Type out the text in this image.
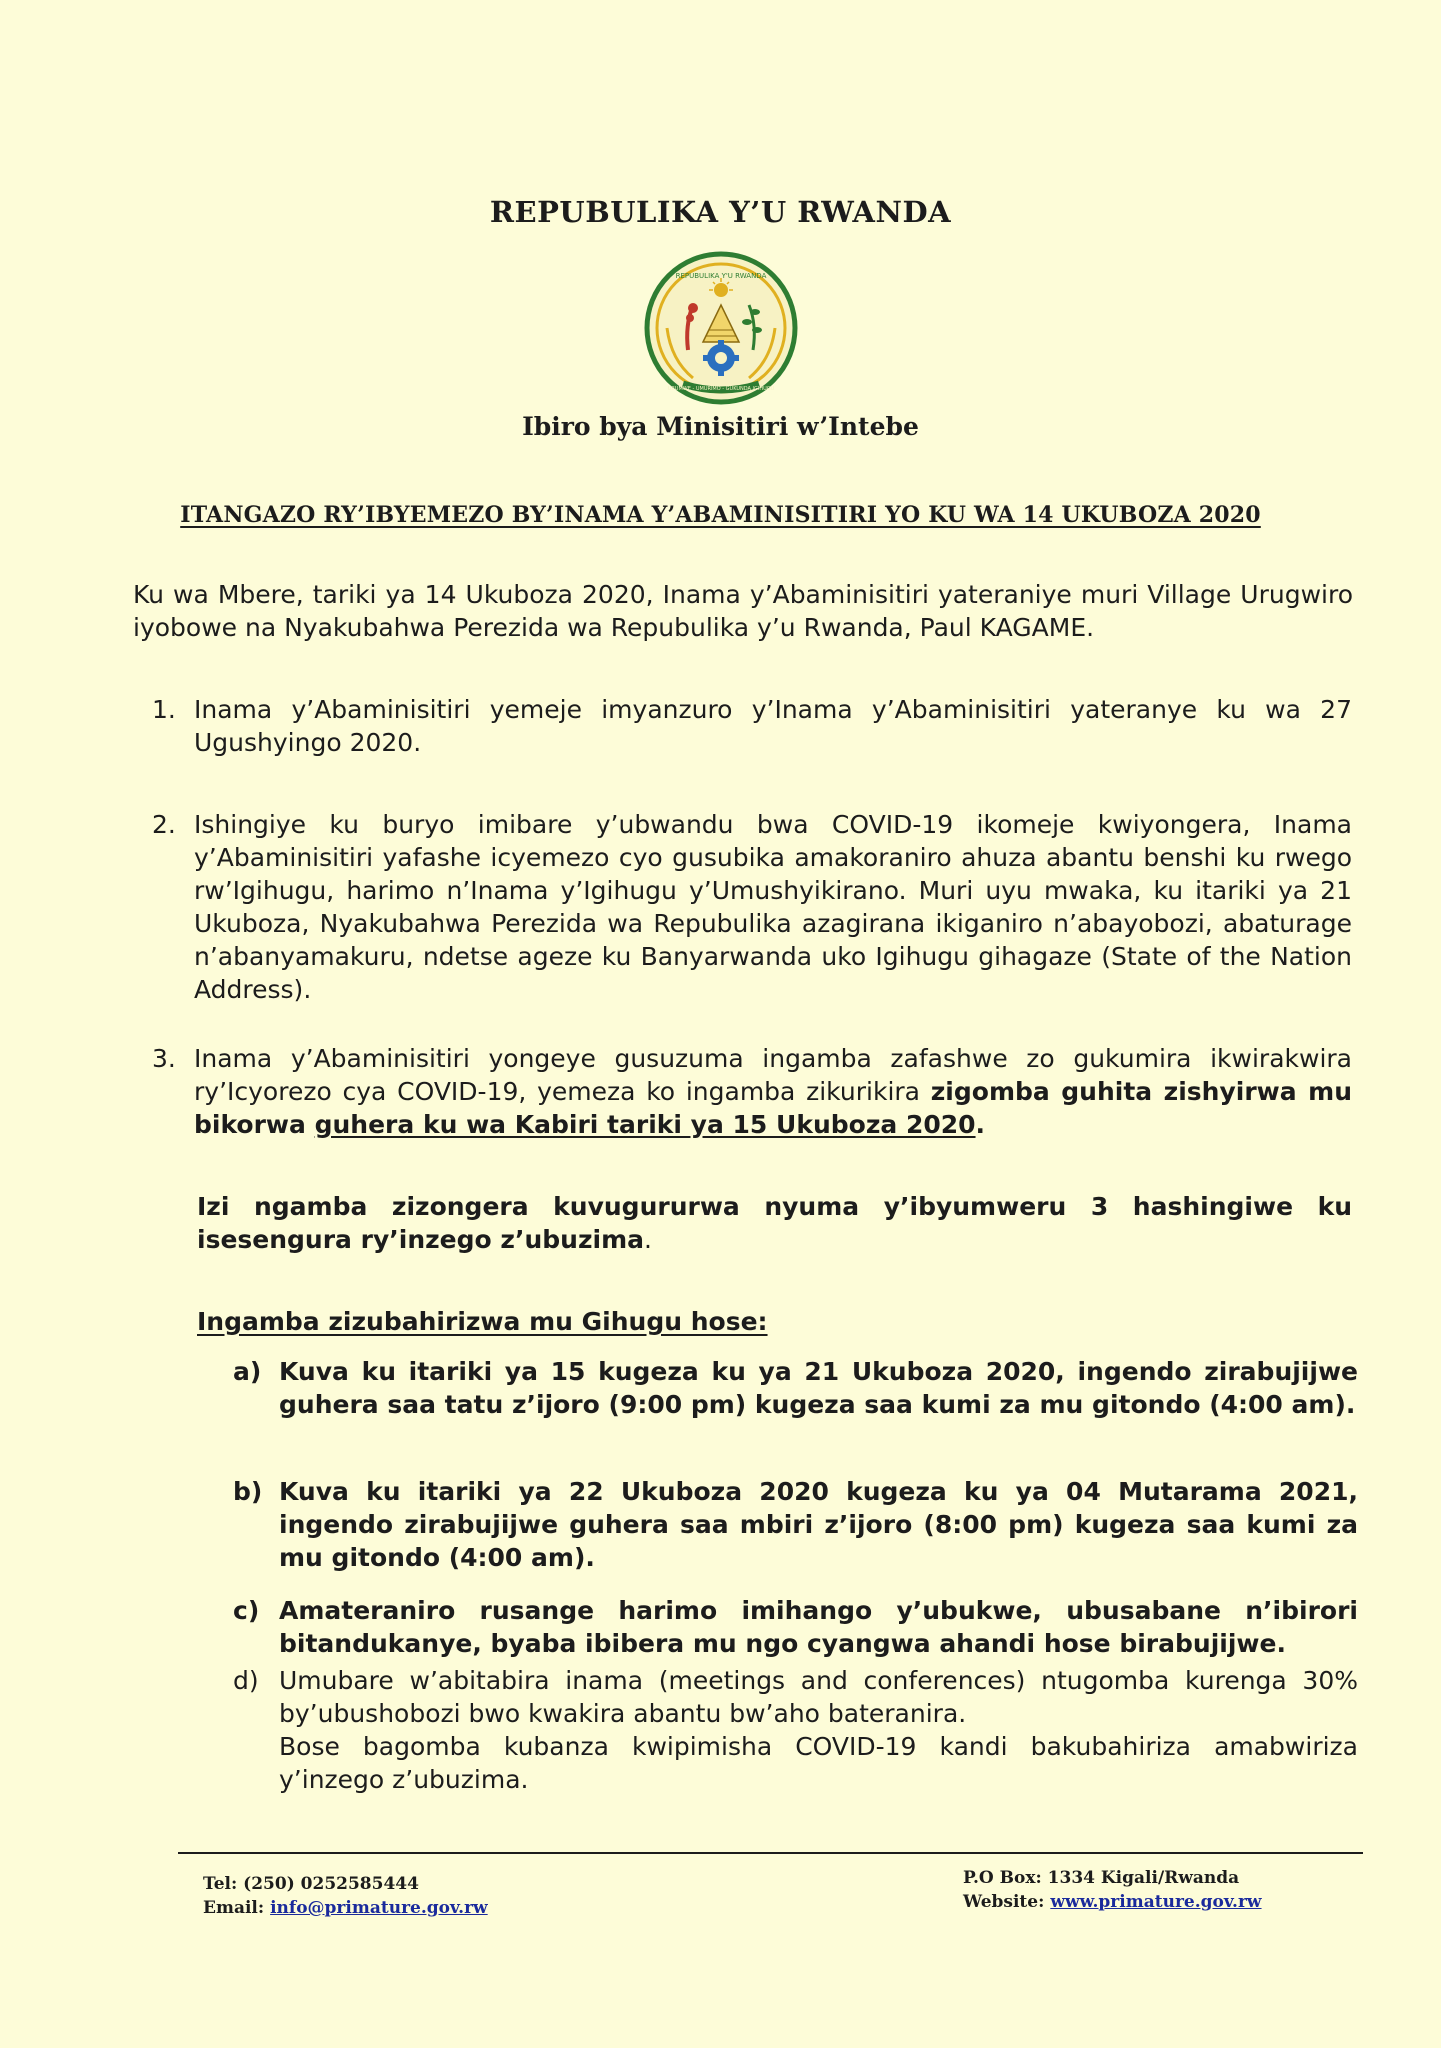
REPUBULIKA Y’U RWANDA
REPUBULIKA Y'U RWANDA
UBUMWE - UMURIMO - GUKUNDA IGIHUGU
Ibiro bya Minisitiri w’Intebe
ITANGAZO RY’IBYEMEZO BY’INAMA Y’ABAMINISITIRI YO KU WA 14 UKUBOZA 2020
Ku wa Mbere, tariki ya 14 Ukuboza 2020, Inama y’Abaminisitiri yateraniye muri Village Urugwiro iyobowe na Nyakubahwa Perezida wa Repubulika y’u Rwanda, Paul KAGAME.
1. Inama y’Abaminisitiri yemeje imyanzuro y’Inama y’Abaminisitiri yateranye ku wa 27 Ugushyingo 2020.
2. Ishingiye ku buryo imibare y’ubwandu bwa COVID-19 ikomeje kwiyongera, Inama y’Abaminisitiri yafashe icyemezo cyo gusubika amakoraniro ahuza abantu benshi ku rwego rw’Igihugu, harimo n’Inama y’Igihugu y’Umushyikirano. Muri uyu mwaka, ku itariki ya 21 Ukuboza, Nyakubahwa Perezida wa Repubulika azagirana ikiganiro n’abayobozi, abaturage n’abanyamakuru, ndetse ageze ku Banyarwanda uko Igihugu gihagaze (State of the Nation Address).
3. Inama y’Abaminisitiri yongeye gusuzuma ingamba zafashwe zo gukumira ikwirakwira ry’Icyorezo cya COVID-19, yemeza ko ingamba zikurikira zigomba guhita zishyirwa mu bikorwa guhera ku wa Kabiri tariki ya 15 Ukuboza 2020.
Izi ngamba zizongera kuvugururwa nyuma y’ibyumweru 3 hashingiwe ku isesengura ry’inzego z’ubuzima.
Ingamba zizubahirizwa mu Gihugu hose:
a) Kuva ku itariki ya 15 kugeza ku ya 21 Ukuboza 2020, ingendo zirabujijwe guhera saa tatu z’ijoro (9:00 pm) kugeza saa kumi za mu gitondo (4:00 am).
b) Kuva ku itariki ya 22 Ukuboza 2020 kugeza ku ya 04 Mutarama 2021, ingendo zirabujijwe guhera saa mbiri z’ijoro (8:00 pm) kugeza saa kumi za mu gitondo (4:00 am).
c) Amateraniro rusange harimo imihango y’ubukwe, ubusabane n’ibirori bitandukanye, byaba ibibera mu ngo cyangwa ahandi hose birabujijwe.
d) Umubare w’abitabira inama (meetings and conferences) ntugomba kurenga 30% by’ubushobozi bwo kwakira abantu bw’aho bateranira.
Bose bagomba kubanza kwipimisha COVID-19 kandi bakubahiriza amabwiriza y’inzego z’ubuzima.
Tel: (250) 0252585444
Email: info@primature.gov.rw
P.O Box: 1334 Kigali/Rwanda
Website: www.primature.gov.rw
